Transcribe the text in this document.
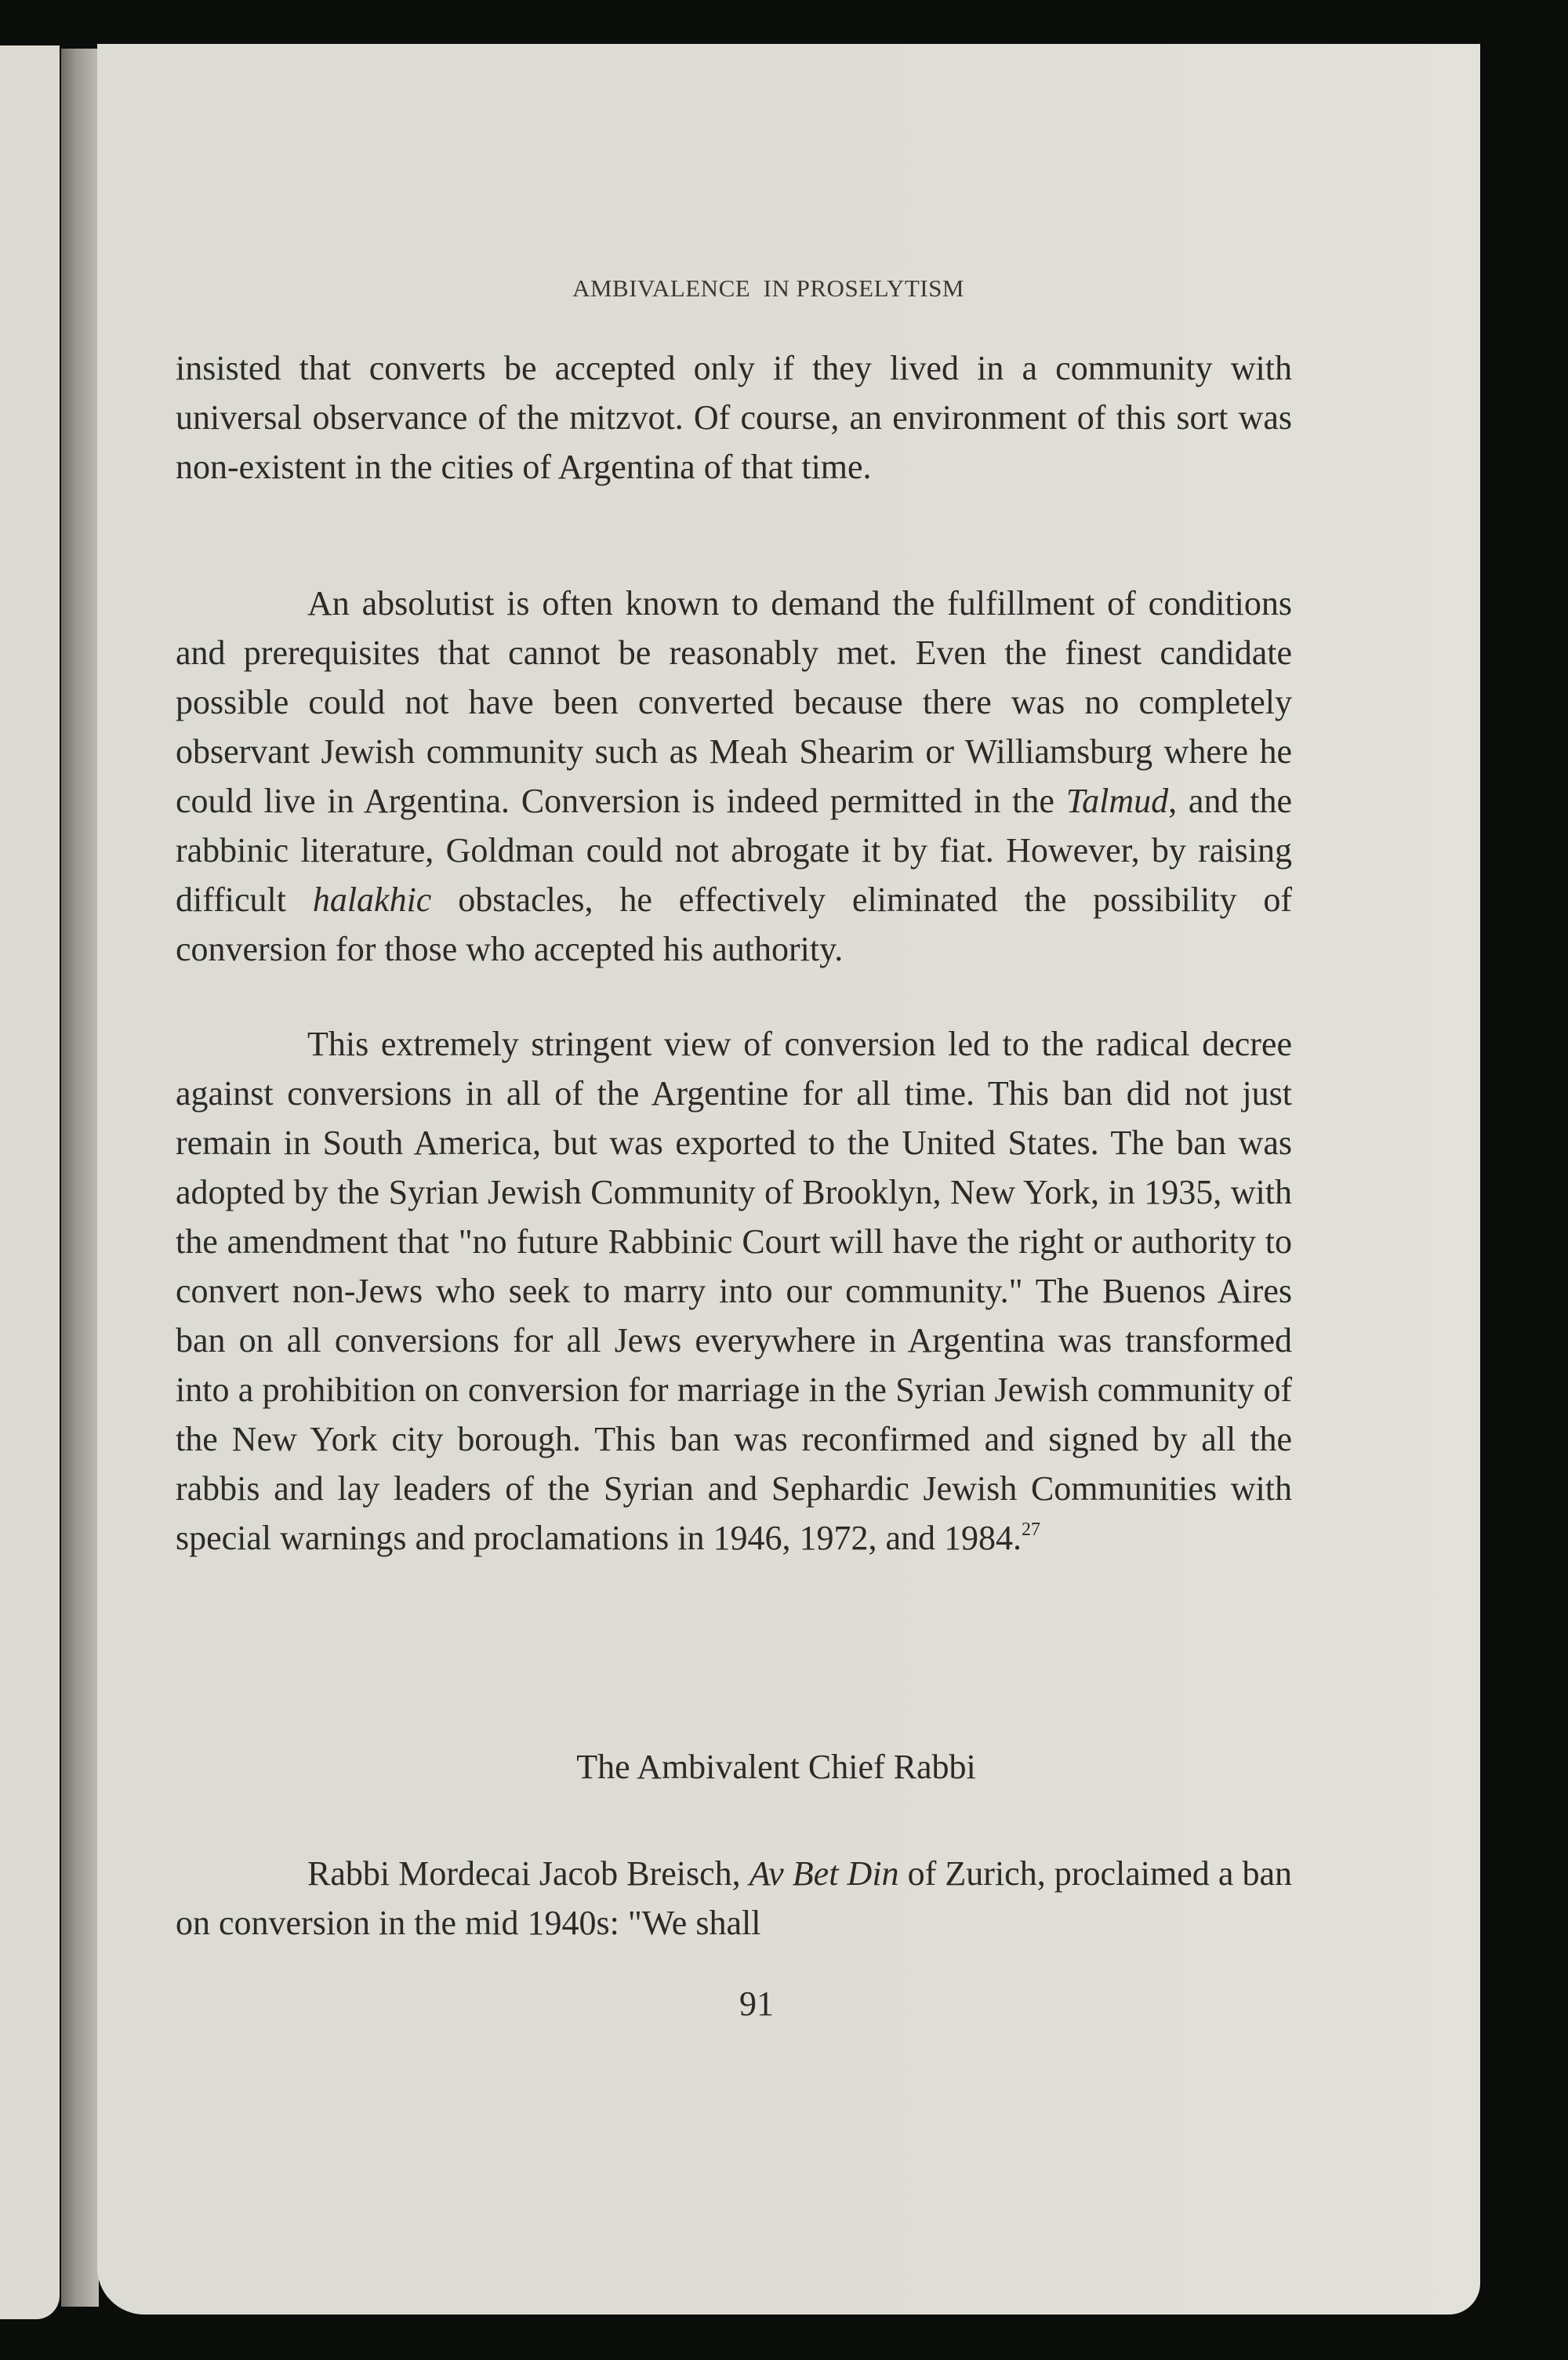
AMBIVALENCE  IN PROSELYTISM

insisted that converts be accepted only if they lived in a community with universal observance of the mitzvot. Of course, an environment of this sort was non-existent in the cities of Argentina of that time.

An absolutist is often known to demand the fulfillment of conditions and prerequisites that cannot be reasonably met. Even the finest candidate possible could not have been converted because there was no completely observant Jewish community such as Meah Shearim or Williamsburg where he could live in Argentina. Conversion is indeed permitted in the Talmud, and the rabbinic literature, Goldman could not abrogate it by fiat. However, by raising difficult halakhic obstacles, he effectively eliminated the possibility of conversion for those who accepted his authority.

This extremely stringent view of conversion led to the radical decree against conversions in all of the Argentine for all time. This ban did not just remain in South America, but was exported to the United States. The ban was adopted by the Syrian Jewish Community of Brooklyn, New York, in 1935, with the amendment that "no future Rabbinic Court will have the right or authority to convert non-Jews who seek to marry into our community." The Buenos Aires ban on all conversions for all Jews everywhere in Argentina was transformed into a prohibition on conversion for marriage in the Syrian Jewish community of the New York city borough. This ban was reconfirmed and signed by all the rabbis and lay leaders of the Syrian and Sephardic Jewish Communities with special warnings and proclamations in 1946, 1972, and 1984.27

The Ambivalent Chief Rabbi

Rabbi Mordecai Jacob Breisch, Av Bet Din of Zurich, proclaimed a ban on conversion in the mid 1940s: "We shall

91
